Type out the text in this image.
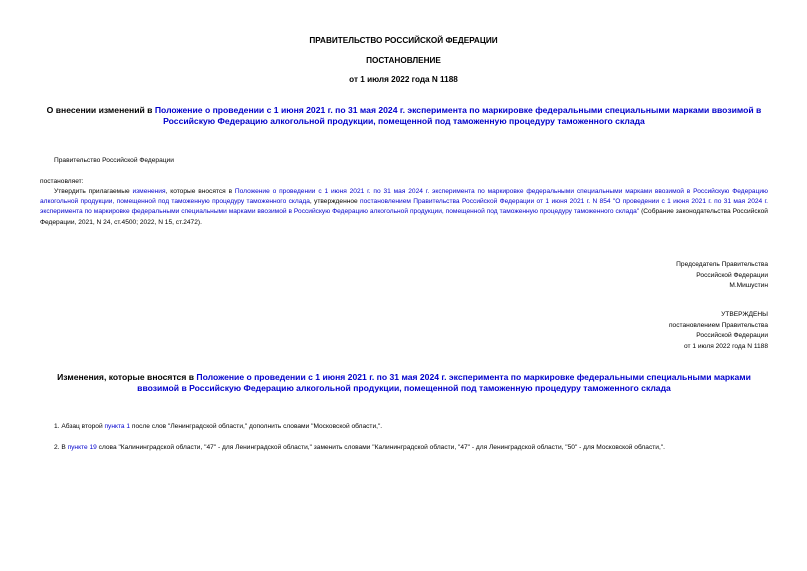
ПРАВИТЕЛЬСТВО РОССИЙСКОЙ ФЕДЕРАЦИИ
ПОСТАНОВЛЕНИЕ
от 1 июля 2022 года N 1188
О внесении изменений в Положение о проведении с 1 июня 2021 г. по 31 мая 2024 г. эксперимента по маркировке федеральными специальными марками ввозимой в Российскую Федерацию алкогольной продукции, помещенной под таможенную процедуру таможенного склада
Правительство Российской Федерации
постановляет:
Утвердить прилагаемые изменения, которые вносятся в Положение о проведении с 1 июня 2021 г. по 31 мая 2024 г. эксперимента по маркировке федеральными специальными марками ввозимой в Российскую Федерацию алкогольной продукции, помещенной под таможенную процедуру таможенного склада, утвержденное постановлением Правительства Российской Федерации от 1 июня 2021 г. N 854 "О проведении с 1 июня 2021 г. по 31 мая 2024 г. эксперимента по маркировке федеральными специальными марками ввозимой в Российскую Федерацию алкогольной продукции, помещенной под таможенную процедуру таможенного склада" (Собрание законодательства Российской Федерации, 2021, N 24, ст.4500; 2022, N 15, ст.2472).
Председатель Правительства
Российской Федерации
М.Мишустин
УТВЕРЖДЕНЫ
постановлением Правительства
Российской Федерации
от 1 июля 2022 года N 1188
Изменения, которые вносятся в Положение о проведении с 1 июня 2021 г. по 31 мая 2024 г. эксперимента по маркировке федеральными специальными марками ввозимой в Российскую Федерацию алкогольной продукции, помещенной под таможенную процедуру таможенного склада
1. Абзац второй пункта 1 после слов "Ленинградской области," дополнить словами "Московской области,".
2. В пункте 19 слова "Калининградской области, "47" - для Ленинградской области," заменить словами "Калининградской области, "47" - для Ленинградской области, "50" - для Московской области,".
